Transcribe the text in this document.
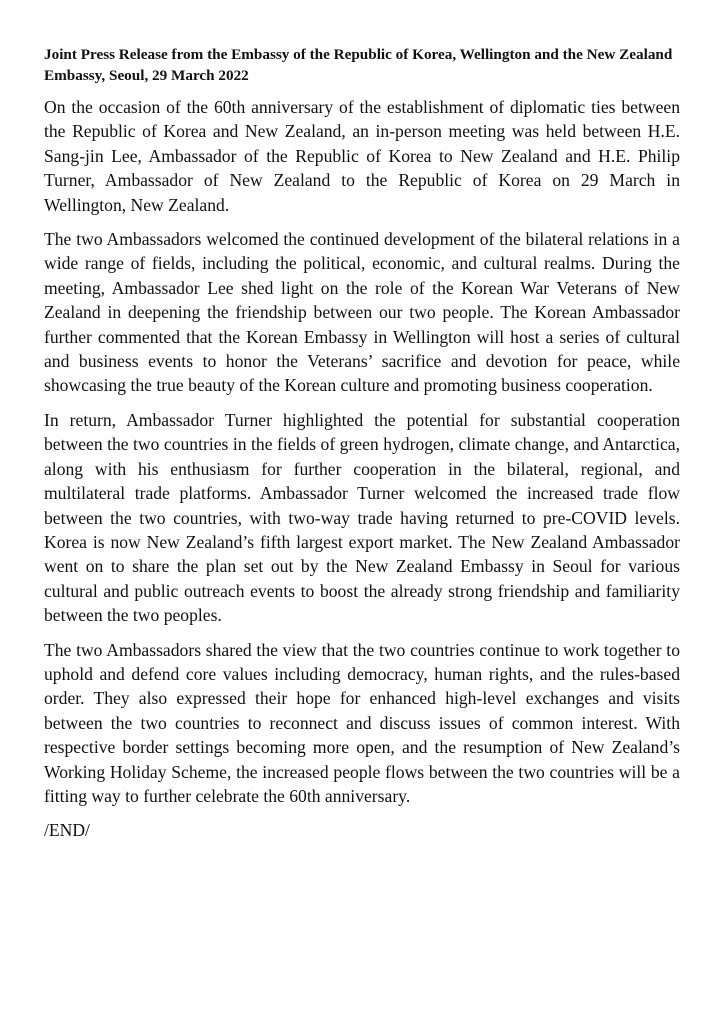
Joint Press Release from the Embassy of the Republic of Korea, Wellington and the New Zealand Embassy, Seoul, 29 March 2022

On the occasion of the 60th anniversary of the establishment of diplomatic ties between the Republic of Korea and New Zealand, an in-person meeting was held between H.E. Sang-jin Lee, Ambassador of the Republic of Korea to New Zealand and H.E. Philip Turner, Ambassador of New Zealand to the Republic of Korea on 29 March in Wellington, New Zealand.

The two Ambassadors welcomed the continued development of the bilateral relations in a wide range of fields, including the political, economic, and cultural realms. During the meeting, Ambassador Lee shed light on the role of the Korean War Veterans of New Zealand in deepening the friendship between our two people. The Korean Ambassador further commented that the Korean Embassy in Wellington will host a series of cultural and business events to honor the Veterans’ sacrifice and devotion for peace, while showcasing the true beauty of the Korean culture and promoting business cooperation.

In return, Ambassador Turner highlighted the potential for substantial cooperation between the two countries in the fields of green hydrogen, climate change, and Antarctica, along with his enthusiasm for further cooperation in the bilateral, regional, and multilateral trade platforms. Ambassador Turner welcomed the increased trade flow between the two countries, with two-way trade having returned to pre-COVID levels. Korea is now New Zealand’s fifth largest export market. The New Zealand Ambassador went on to share the plan set out by the New Zealand Embassy in Seoul for various cultural and public outreach events to boost the already strong friendship and familiarity between the two peoples.

The two Ambassadors shared the view that the two countries continue to work together to uphold and defend core values including democracy, human rights, and the rules-based order. They also expressed their hope for enhanced high-level exchanges and visits between the two countries to reconnect and discuss issues of common interest. With respective border settings becoming more open, and the resumption of New Zealand’s Working Holiday Scheme, the increased people flows between the two countries will be a fitting way to further celebrate the 60th anniversary.

/END/
